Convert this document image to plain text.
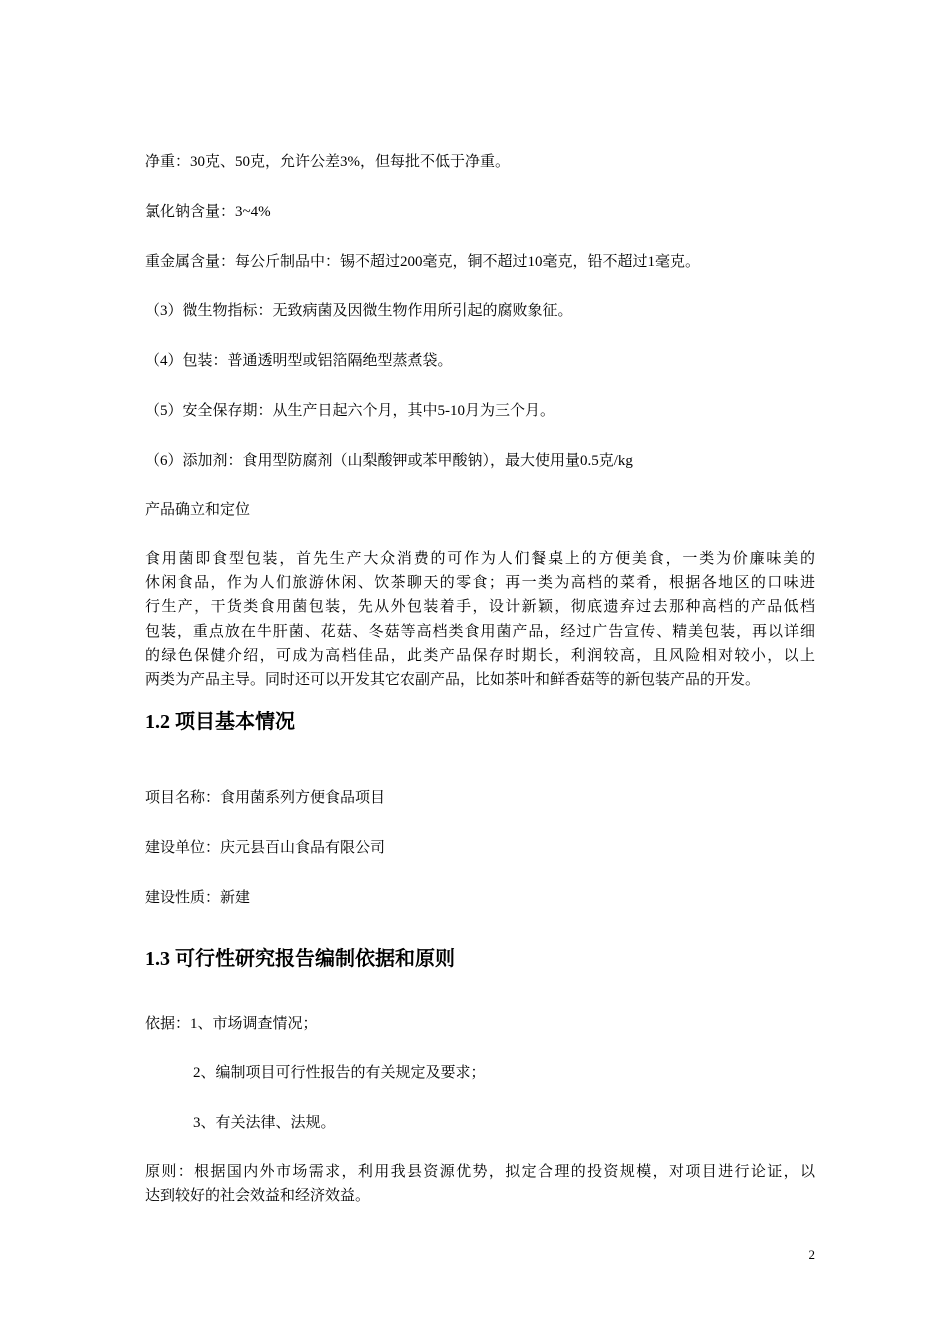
净重：30克、50克，允许公差3%，但每批不低于净重。

氯化钠含量：3~4%

重金属含量：每公斤制品中：锡不超过200毫克，铜不超过10毫克，铅不超过1毫克。

（3）微生物指标：无致病菌及因微生物作用所引起的腐败象征。

（4）包装：普通透明型或铝箔隔绝型蒸煮袋。

（5）安全保存期：从生产日起六个月，其中5-10月为三个月。

（6）添加剂：食用型防腐剂（山梨酸钾或苯甲酸钠），最大使用量0.5克/kg

产品确立和定位

食用菌即食型包装，首先生产大众消费的可作为人们餐桌上的方便美食，一类为价廉味美的
休闲食品，作为人们旅游休闲、饮茶聊天的零食；再一类为高档的菜肴，根据各地区的口味进
行生产，干货类食用菌包装，先从外包装着手，设计新颖，彻底遗弃过去那种高档的产品低档
包装，重点放在牛肝菌、花菇、冬菇等高档类食用菌产品，经过广告宣传、精美包装，再以详细
的绿色保健介绍，可成为高档佳品，此类产品保存时期长，利润较高，且风险相对较小，以上
两类为产品主导。同时还可以开发其它农副产品，比如茶叶和鲜香菇等的新包装产品的开发。
1.2 项目基本情况

项目名称：食用菌系列方便食品项目

建设单位：庆元县百山食品有限公司

建设性质：新建

1.3 可行性研究报告编制依据和原则

依据：1、市场调查情况；

2、编制项目可行性报告的有关规定及要求；

3、有关法律、法规。

原则：根据国内外市场需求，利用我县资源优势，拟定合理的投资规模，对项目进行论证，以
达到较好的社会效益和经济效益。
2
